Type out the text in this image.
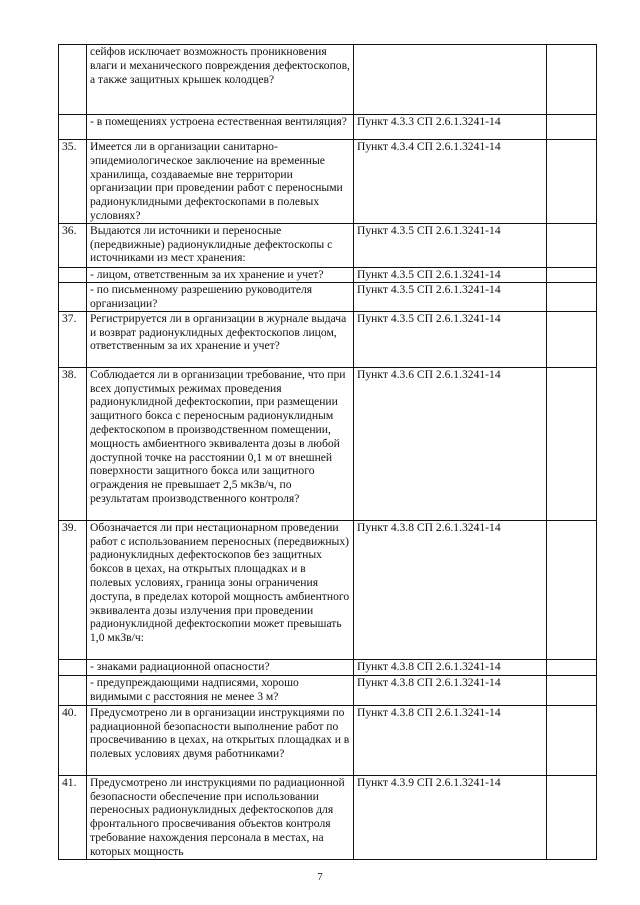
	сейфов исключает возможность проникновения влаги и механического повреждения дефектоскопов, а также защитных крышек колодцев?		
	- в помещениях устроена естественная вентиляция?	Пункт 4.3.3 СП 2.6.1.3241-14	
35.	Имеется ли в организации санитарно-эпидемиологическое заключение на временные хранилища, создаваемые вне территории организации при проведении работ с переносными радионуклидными дефектоскопами в полевых условиях?	Пункт 4.3.4 СП 2.6.1.3241-14	
36.	Выдаются ли источники и переносные (передвижные) радионуклидные дефектоскопы с источниками из мест хранения:	Пункт 4.3.5 СП 2.6.1.3241-14	
	- лицом, ответственным за их хранение и учет?	Пункт 4.3.5 СП 2.6.1.3241-14	
	- по письменному разрешению руководителя организации?	Пункт 4.3.5 СП 2.6.1.3241-14	
37.	Регистрируется ли в организации в журнале выдача и возврат радионуклидных дефектоскопов лицом, ответственным за их хранение и учет?	Пункт 4.3.5 СП 2.6.1.3241-14	
38.	Соблюдается ли в организации требование, что при всех допустимых режимах проведения радионуклидной дефектоскопии, при размещении защитного бокса с переносным радионуклидным дефектоскопом в производственном помещении, мощность амбиентного эквивалента дозы в любой доступной точке на расстоянии 0,1 м от внешней поверхности защитного бокса или защитного ограждения не превышает 2,5 мкЗв/ч, по результатам производственного контроля?	Пункт 4.3.6 СП 2.6.1.3241-14	
39.	Обозначается ли при нестационарном проведении работ с использованием переносных (передвижных) радионуклидных дефектоскопов без защитных боксов в цехах, на открытых площадках и в полевых условиях, граница зоны ограничения доступа, в пределах которой мощность амбиентного эквивалента дозы излучения при проведении радионуклидной дефектоскопии может превышать 1,0 мкЗв/ч:	Пункт 4.3.8 СП 2.6.1.3241-14	
	- знаками радиационной опасности?	Пункт 4.3.8 СП 2.6.1.3241-14	
	- предупреждающими надписями, хорошо видимыми с расстояния не менее 3 м?	Пункт 4.3.8 СП 2.6.1.3241-14	
40.	Предусмотрено ли в организации инструкциями по радиационной безопасности выполнение работ по просвечиванию в цехах, на открытых площадках и в полевых условиях двумя работниками?	Пункт 4.3.8 СП 2.6.1.3241-14	
41.	Предусмотрено ли инструкциями по радиационной безопасности обеспечение при использовании переносных радионуклидных дефектоскопов для фронтального просвечивания объектов контроля требование нахождения персонала в местах, на которых мощность	Пункт 4.3.9 СП 2.6.1.3241-14	
7
